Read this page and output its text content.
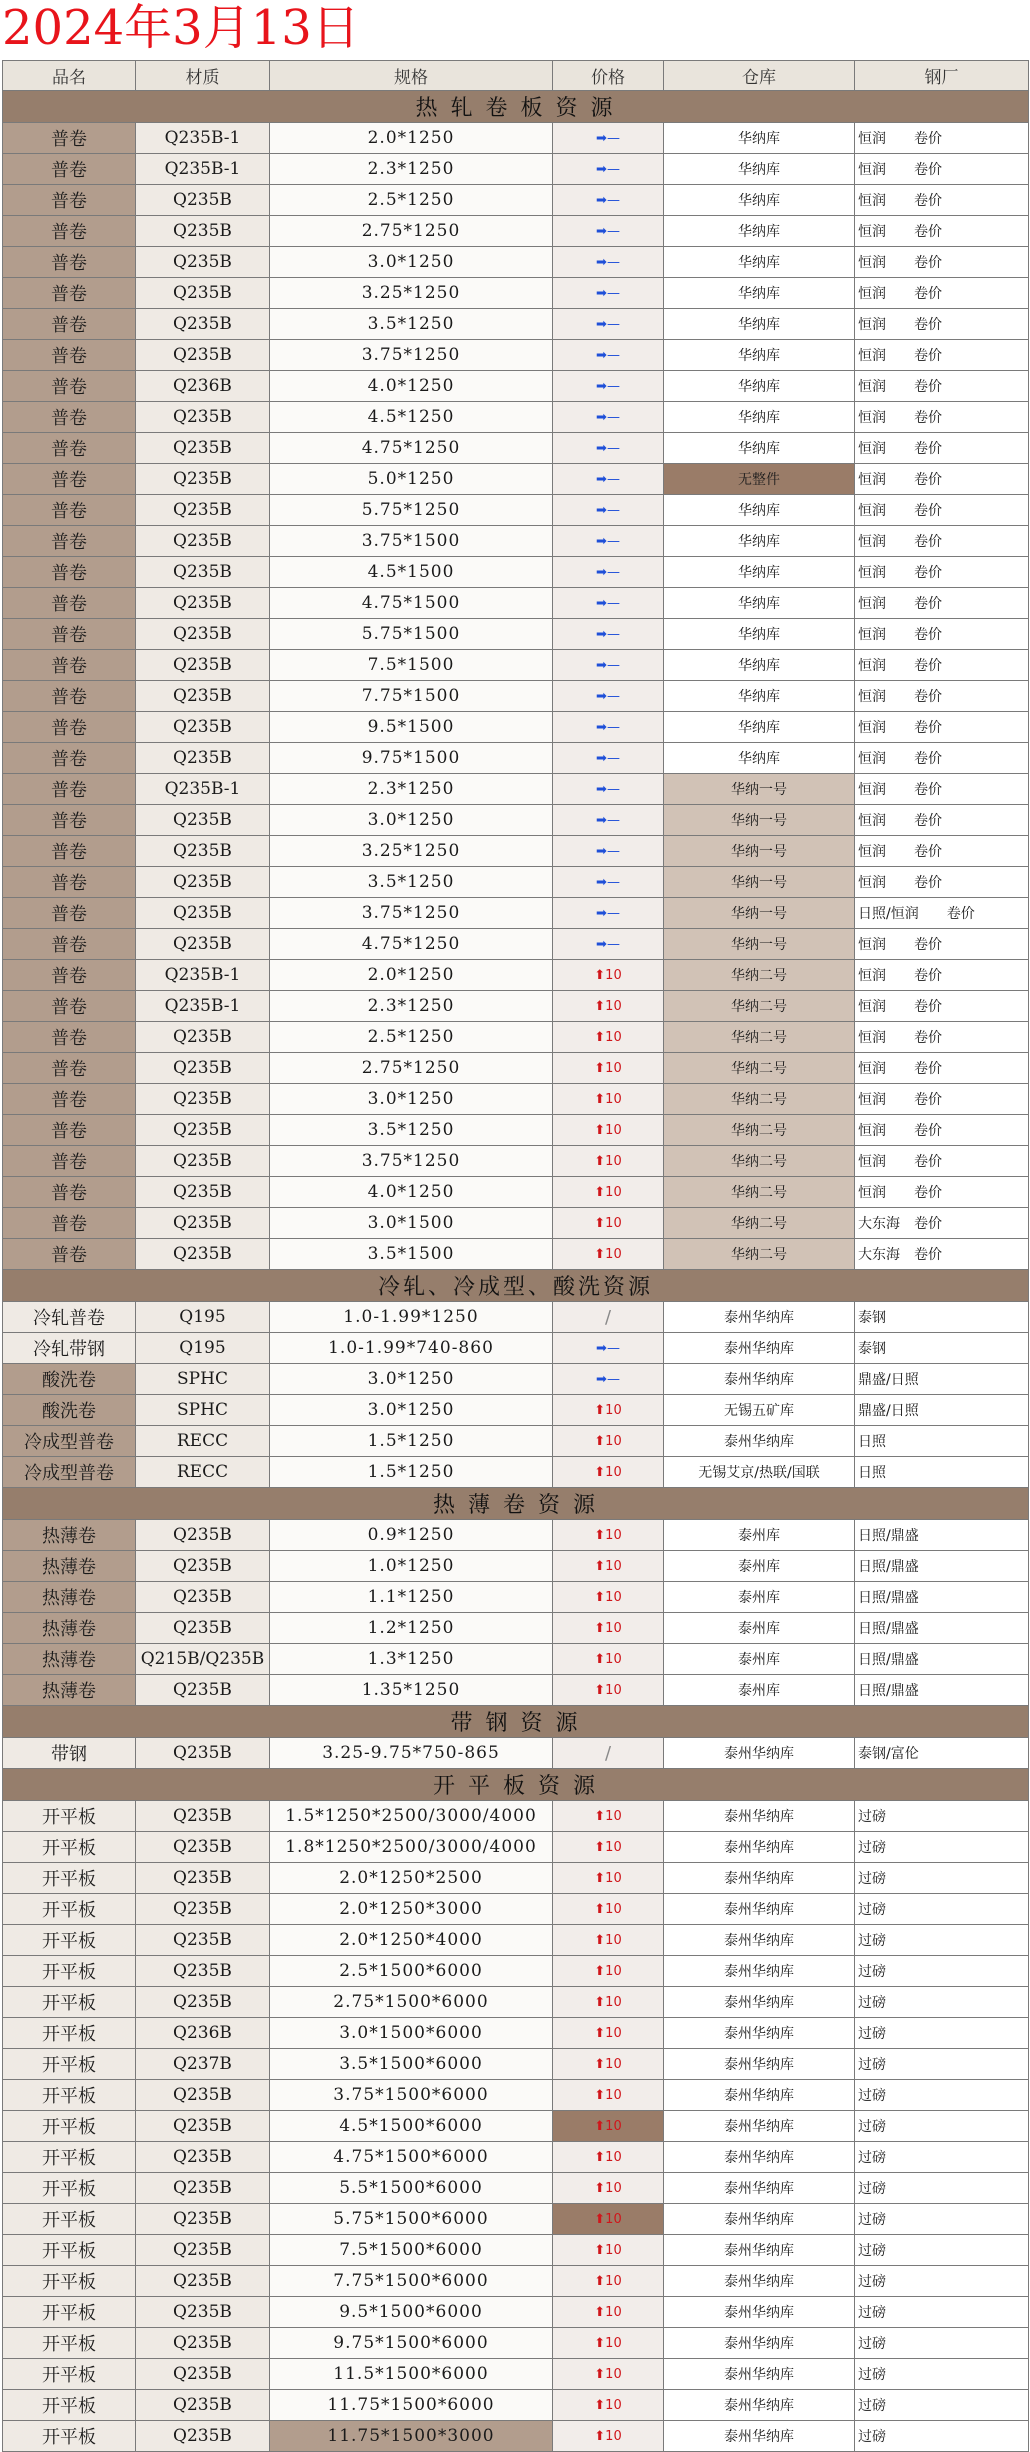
2024年3月13日
品名	材质	规格	价格	仓库	钢厂
热 轧 卷 板 资 源					
普卷	Q235B-1	2.0*1250	➡—	华纳库	恒润　　卷价
普卷	Q235B-1	2.3*1250	➡—	华纳库	恒润　　卷价
普卷	Q235B	2.5*1250	➡—	华纳库	恒润　　卷价
普卷	Q235B	2.75*1250	➡—	华纳库	恒润　　卷价
普卷	Q235B	3.0*1250	➡—	华纳库	恒润　　卷价
普卷	Q235B	3.25*1250	➡—	华纳库	恒润　　卷价
普卷	Q235B	3.5*1250	➡—	华纳库	恒润　　卷价
普卷	Q235B	3.75*1250	➡—	华纳库	恒润　　卷价
普卷	Q236B	4.0*1250	➡—	华纳库	恒润　　卷价
普卷	Q235B	4.5*1250	➡—	华纳库	恒润　　卷价
普卷	Q235B	4.75*1250	➡—	华纳库	恒润　　卷价
普卷	Q235B	5.0*1250	➡—	无整件	恒润　　卷价
普卷	Q235B	5.75*1250	➡—	华纳库	恒润　　卷价
普卷	Q235B	3.75*1500	➡—	华纳库	恒润　　卷价
普卷	Q235B	4.5*1500	➡—	华纳库	恒润　　卷价
普卷	Q235B	4.75*1500	➡—	华纳库	恒润　　卷价
普卷	Q235B	5.75*1500	➡—	华纳库	恒润　　卷价
普卷	Q235B	7.5*1500	➡—	华纳库	恒润　　卷价
普卷	Q235B	7.75*1500	➡—	华纳库	恒润　　卷价
普卷	Q235B	9.5*1500	➡—	华纳库	恒润　　卷价
普卷	Q235B	9.75*1500	➡—	华纳库	恒润　　卷价
普卷	Q235B-1	2.3*1250	➡—	华纳一号	恒润　　卷价
普卷	Q235B	3.0*1250	➡—	华纳一号	恒润　　卷价
普卷	Q235B	3.25*1250	➡—	华纳一号	恒润　　卷价
普卷	Q235B	3.5*1250	➡—	华纳一号	恒润　　卷价
普卷	Q235B	3.75*1250	➡—	华纳一号	日照/恒润　　卷价
普卷	Q235B	4.75*1250	➡—	华纳一号	恒润　　卷价
普卷	Q235B-1	2.0*1250	⬆10	华纳二号	恒润　　卷价
普卷	Q235B-1	2.3*1250	⬆10	华纳二号	恒润　　卷价
普卷	Q235B	2.5*1250	⬆10	华纳二号	恒润　　卷价
普卷	Q235B	2.75*1250	⬆10	华纳二号	恒润　　卷价
普卷	Q235B	3.0*1250	⬆10	华纳二号	恒润　　卷价
普卷	Q235B	3.5*1250	⬆10	华纳二号	恒润　　卷价
普卷	Q235B	3.75*1250	⬆10	华纳二号	恒润　　卷价
普卷	Q235B	4.0*1250	⬆10	华纳二号	恒润　　卷价
普卷	Q235B	3.0*1500	⬆10	华纳二号	大东海　卷价
普卷	Q235B	3.5*1500	⬆10	华纳二号	大东海　卷价
冷轧、冷成型、酸洗资源					
冷轧普卷	Q195	1.0-1.99*1250	/	泰州华纳库	泰钢
冷轧带钢	Q195	1.0-1.99*740-860	➡—	泰州华纳库	泰钢
酸洗卷	SPHC	3.0*1250	➡—	泰州华纳库	鼎盛/日照
酸洗卷	SPHC	3.0*1250	⬆10	无锡五矿库	鼎盛/日照
冷成型普卷	RECC	1.5*1250	⬆10	泰州华纳库	日照
冷成型普卷	RECC	1.5*1250	⬆10	无锡艾京/热联/国联	日照
热 薄 卷 资 源					
热薄卷	Q235B	0.9*1250	⬆10	泰州库	日照/鼎盛
热薄卷	Q235B	1.0*1250	⬆10	泰州库	日照/鼎盛
热薄卷	Q235B	1.1*1250	⬆10	泰州库	日照/鼎盛
热薄卷	Q235B	1.2*1250	⬆10	泰州库	日照/鼎盛
热薄卷	Q215B/Q235B	1.3*1250	⬆10	泰州库	日照/鼎盛
热薄卷	Q235B	1.35*1250	⬆10	泰州库	日照/鼎盛
带 钢 资 源					
带钢	Q235B	3.25-9.75*750-865	/	泰州华纳库	泰钢/富伦
开 平 板 资 源					
开平板	Q235B	1.5*1250*2500/3000/4000	⬆10	泰州华纳库	过磅
开平板	Q235B	1.8*1250*2500/3000/4000	⬆10	泰州华纳库	过磅
开平板	Q235B	2.0*1250*2500	⬆10	泰州华纳库	过磅
开平板	Q235B	2.0*1250*3000	⬆10	泰州华纳库	过磅
开平板	Q235B	2.0*1250*4000	⬆10	泰州华纳库	过磅
开平板	Q235B	2.5*1500*6000	⬆10	泰州华纳库	过磅
开平板	Q235B	2.75*1500*6000	⬆10	泰州华纳库	过磅
开平板	Q236B	3.0*1500*6000	⬆10	泰州华纳库	过磅
开平板	Q237B	3.5*1500*6000	⬆10	泰州华纳库	过磅
开平板	Q235B	3.75*1500*6000	⬆10	泰州华纳库	过磅
开平板	Q235B	4.5*1500*6000	⬆10	泰州华纳库	过磅
开平板	Q235B	4.75*1500*6000	⬆10	泰州华纳库	过磅
开平板	Q235B	5.5*1500*6000	⬆10	泰州华纳库	过磅
开平板	Q235B	5.75*1500*6000	⬆10	泰州华纳库	过磅
开平板	Q235B	7.5*1500*6000	⬆10	泰州华纳库	过磅
开平板	Q235B	7.75*1500*6000	⬆10	泰州华纳库	过磅
开平板	Q235B	9.5*1500*6000	⬆10	泰州华纳库	过磅
开平板	Q235B	9.75*1500*6000	⬆10	泰州华纳库	过磅
开平板	Q235B	11.5*1500*6000	⬆10	泰州华纳库	过磅
开平板	Q235B	11.75*1500*6000	⬆10	泰州华纳库	过磅
开平板	Q235B	11.75*1500*3000	⬆10	泰州华纳库	过磅
